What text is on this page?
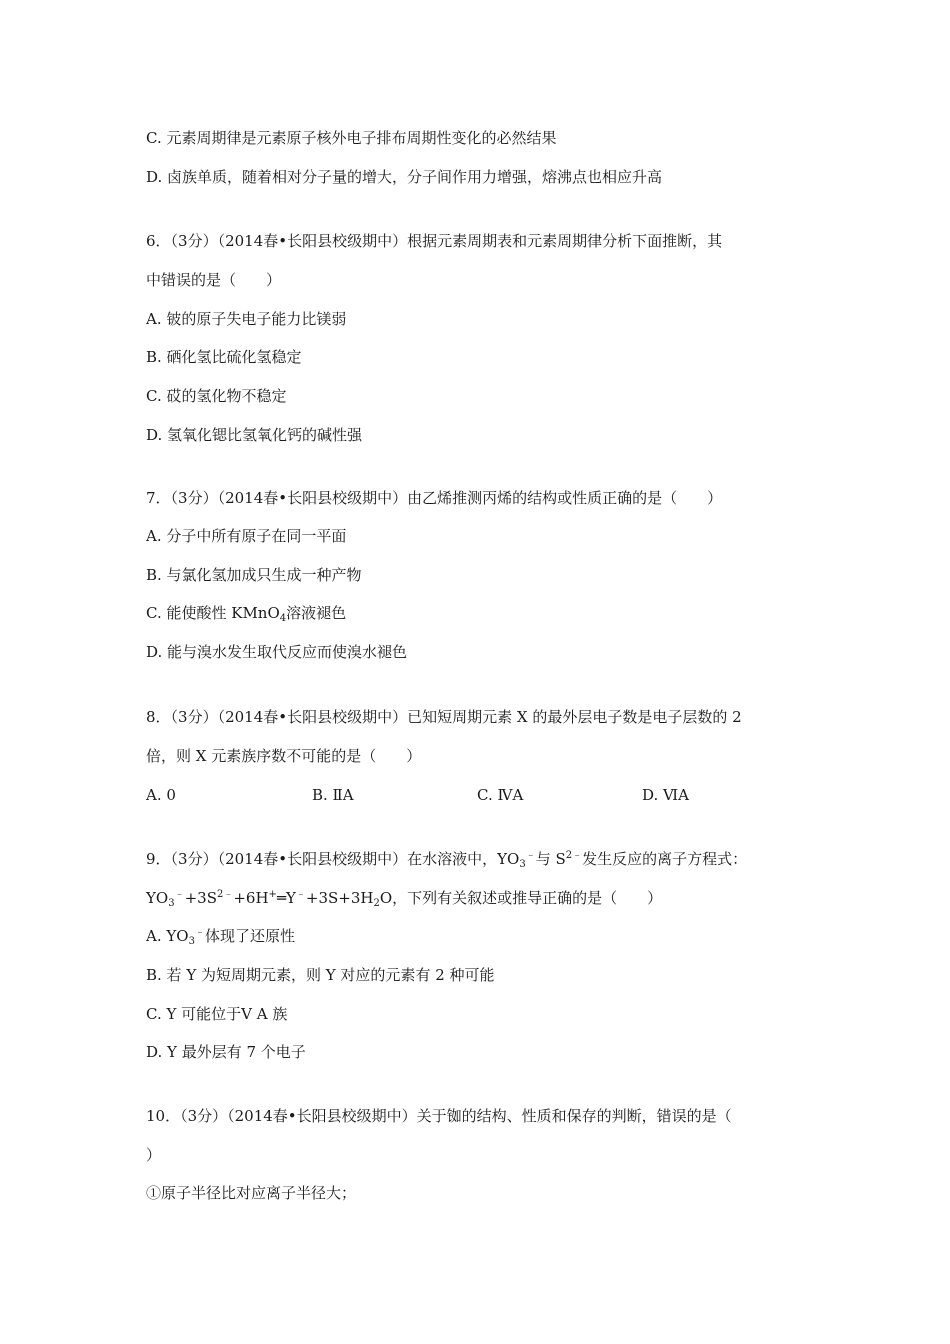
C. 元素周期律是元素原子核外电子排布周期性变化的必然结果
D. 卤族单质，随着相对分子量的增大，分子间作用力增强，熔沸点也相应升高
6．（3分）（2014春•长阳县校级期中）根据元素周期表和元素周期律分析下面推断，其
中错误的是（　　）
A. 铍的原子失电子能力比镁弱
B. 硒化氢比硫化氢稳定
C. 砹的氢化物不稳定
D. 氢氧化锶比氢氧化钙的碱性强
7．（3分）（2014春•长阳县校级期中）由乙烯推测丙烯的结构或性质正确的是（　　）
A. 分子中所有原子在同一平面
B. 与氯化氢加成只生成一种产物
C. 能使酸性 KMnO$_4$溶液褪色
D. 能与溴水发生取代反应而使溴水褪色
8．（3分）（2014春•长阳县校级期中）已知短周期元素 X 的最外层电子数是电子层数的 2
倍，则 X 元素族序数不可能的是（　　）
A. 0	B. ⅡA	C. ⅣA	D. ⅥA
9．（3分）（2014春•长阳县校级期中）在水溶液中，$YO_3^﹣$与 $S^{2﹣}$发生反应的离子方程式：
$YO_3^﹣+3S^{2﹣}+6H^+═Y^﹣+3S+3H_2O$，下列有关叙述或推导正确的是（　　）
A. $YO_3^﹣$体现了还原性
B. 若 Y 为短周期元素，则 Y 对应的元素有 2 种可能
C. Y 可能位于Ⅴ A 族
D. Y 最外层有 7 个电子
10．（3分）（2014春•长阳县校级期中）关于铷的结构、性质和保存的判断，错误的是（
）
①原子半径比对应离子半径大；
